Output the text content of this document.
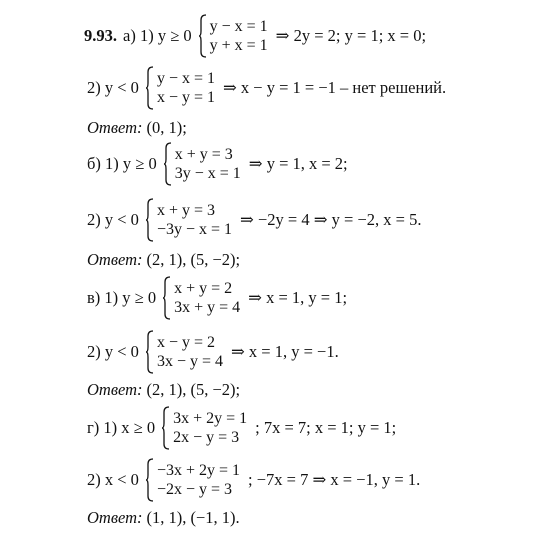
9.93. а) 1) y ≥ 0 y − x = 1
y + x = 1
⇒ 2y = 2; y = 1; x = 0;
2) y < 0 y − x = 1
x − y = 1
⇒ x − y = 1 = −1 – нет решений.
Ответ: (0, 1);
б) 1) y ≥ 0 x + y = 3
3y − x = 1
⇒ y = 1, x = 2;
2) y < 0 x + y = 3
−3y − x = 1
⇒ −2y = 4 ⇒ y = −2, x = 5.
Ответ: (2, 1), (5, −2);
в) 1) y ≥ 0 x + y = 2
3x + y = 4
⇒ x = 1, y = 1;
2) y < 0 x − y = 2
3x − y = 4
⇒ x = 1, y = −1.
Ответ: (2, 1), (5, −2);
г) 1) x ≥ 0 3x + 2y = 1
2x − y = 3
; 7x = 7; x = 1; y = 1;
2) x < 0 −3x + 2y = 1
−2x − y = 3
; −7x = 7 ⇒ x = −1, y = 1.
Ответ: (1, 1), (−1, 1).
